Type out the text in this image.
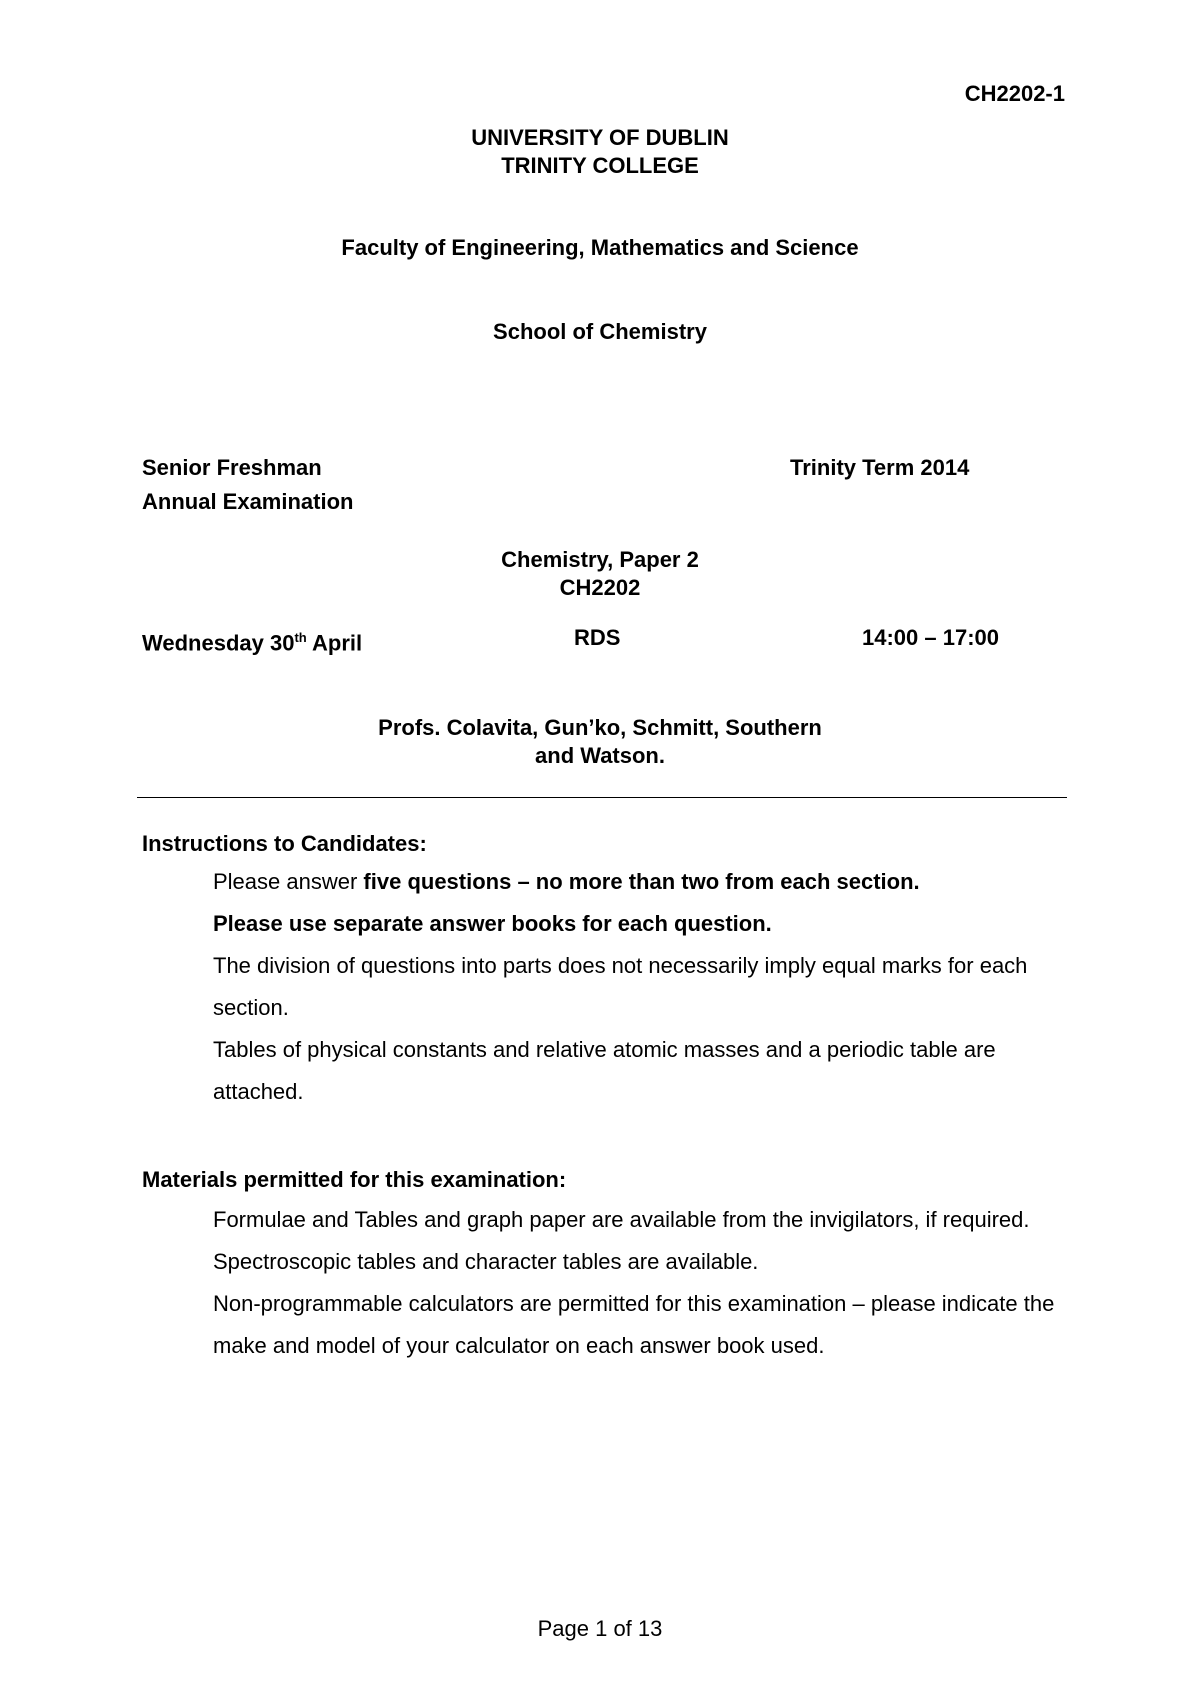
CH2202-1
UNIVERSITY OF DUBLIN
TRINITY COLLEGE
Faculty of Engineering, Mathematics and Science
School of Chemistry
Senior Freshman
Annual Examination
Trinity Term 2014
Chemistry, Paper 2
CH2202
Wednesday 30th April	RDS	14:00 – 17:00
Profs. Colavita, Gun’ko, Schmitt, Southern
and Watson.
Instructions to Candidates:

Please answer five questions – no more than two from each section.

Please use separate answer books for each question.

The division of questions into parts does not necessarily imply equal marks for each section.

Tables of physical constants and relative atomic masses and a periodic table are attached.

Materials permitted for this examination:

Formulae and Tables and graph paper are available from the invigilators, if required.

Spectroscopic tables and character tables are available.

Non-programmable calculators are permitted for this examination – please indicate the make and model of your calculator on each answer book used.

Page 1 of 13
